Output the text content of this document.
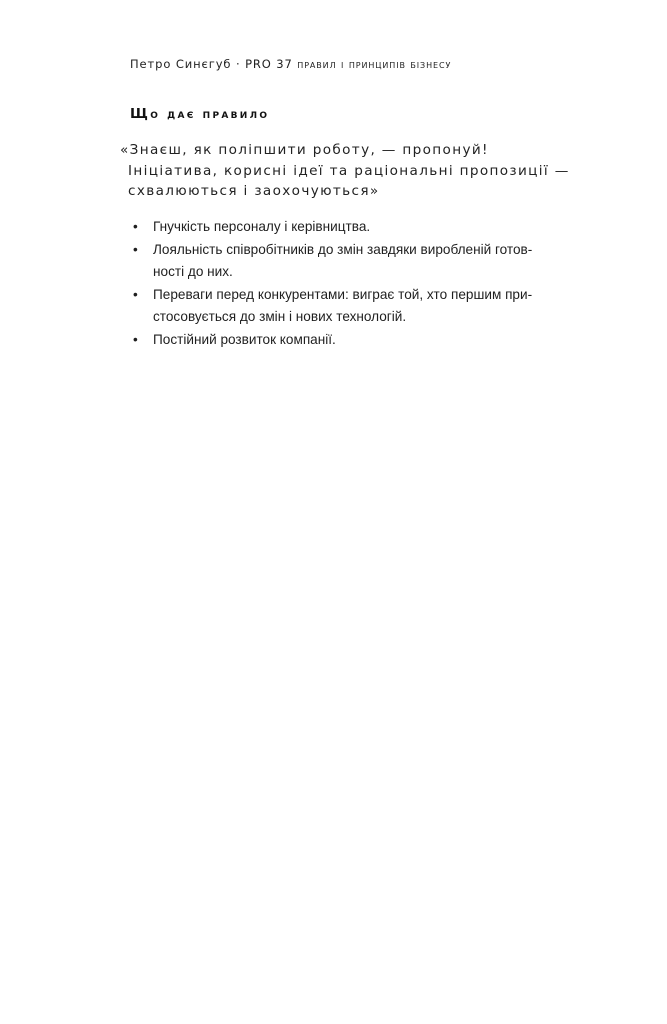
Петро Синєгуб · PRO 37 правил і принципів бізнесу
Що дає правило

«Знаєш, як поліпшити роботу, — пропонуй!
Ініціатива, корисні ідеї та раціональні пропозиції —
схвалюються і заохочуються»

• Гнучкість персоналу і керівництва.
• Лояльність співробітників до змін завдяки виробленій готов-
ності до них.
• Переваги перед конкурентами: виграє той, хто першим при-
стосовується до змін і нових технологій.
• Постійний розвиток компанії.
